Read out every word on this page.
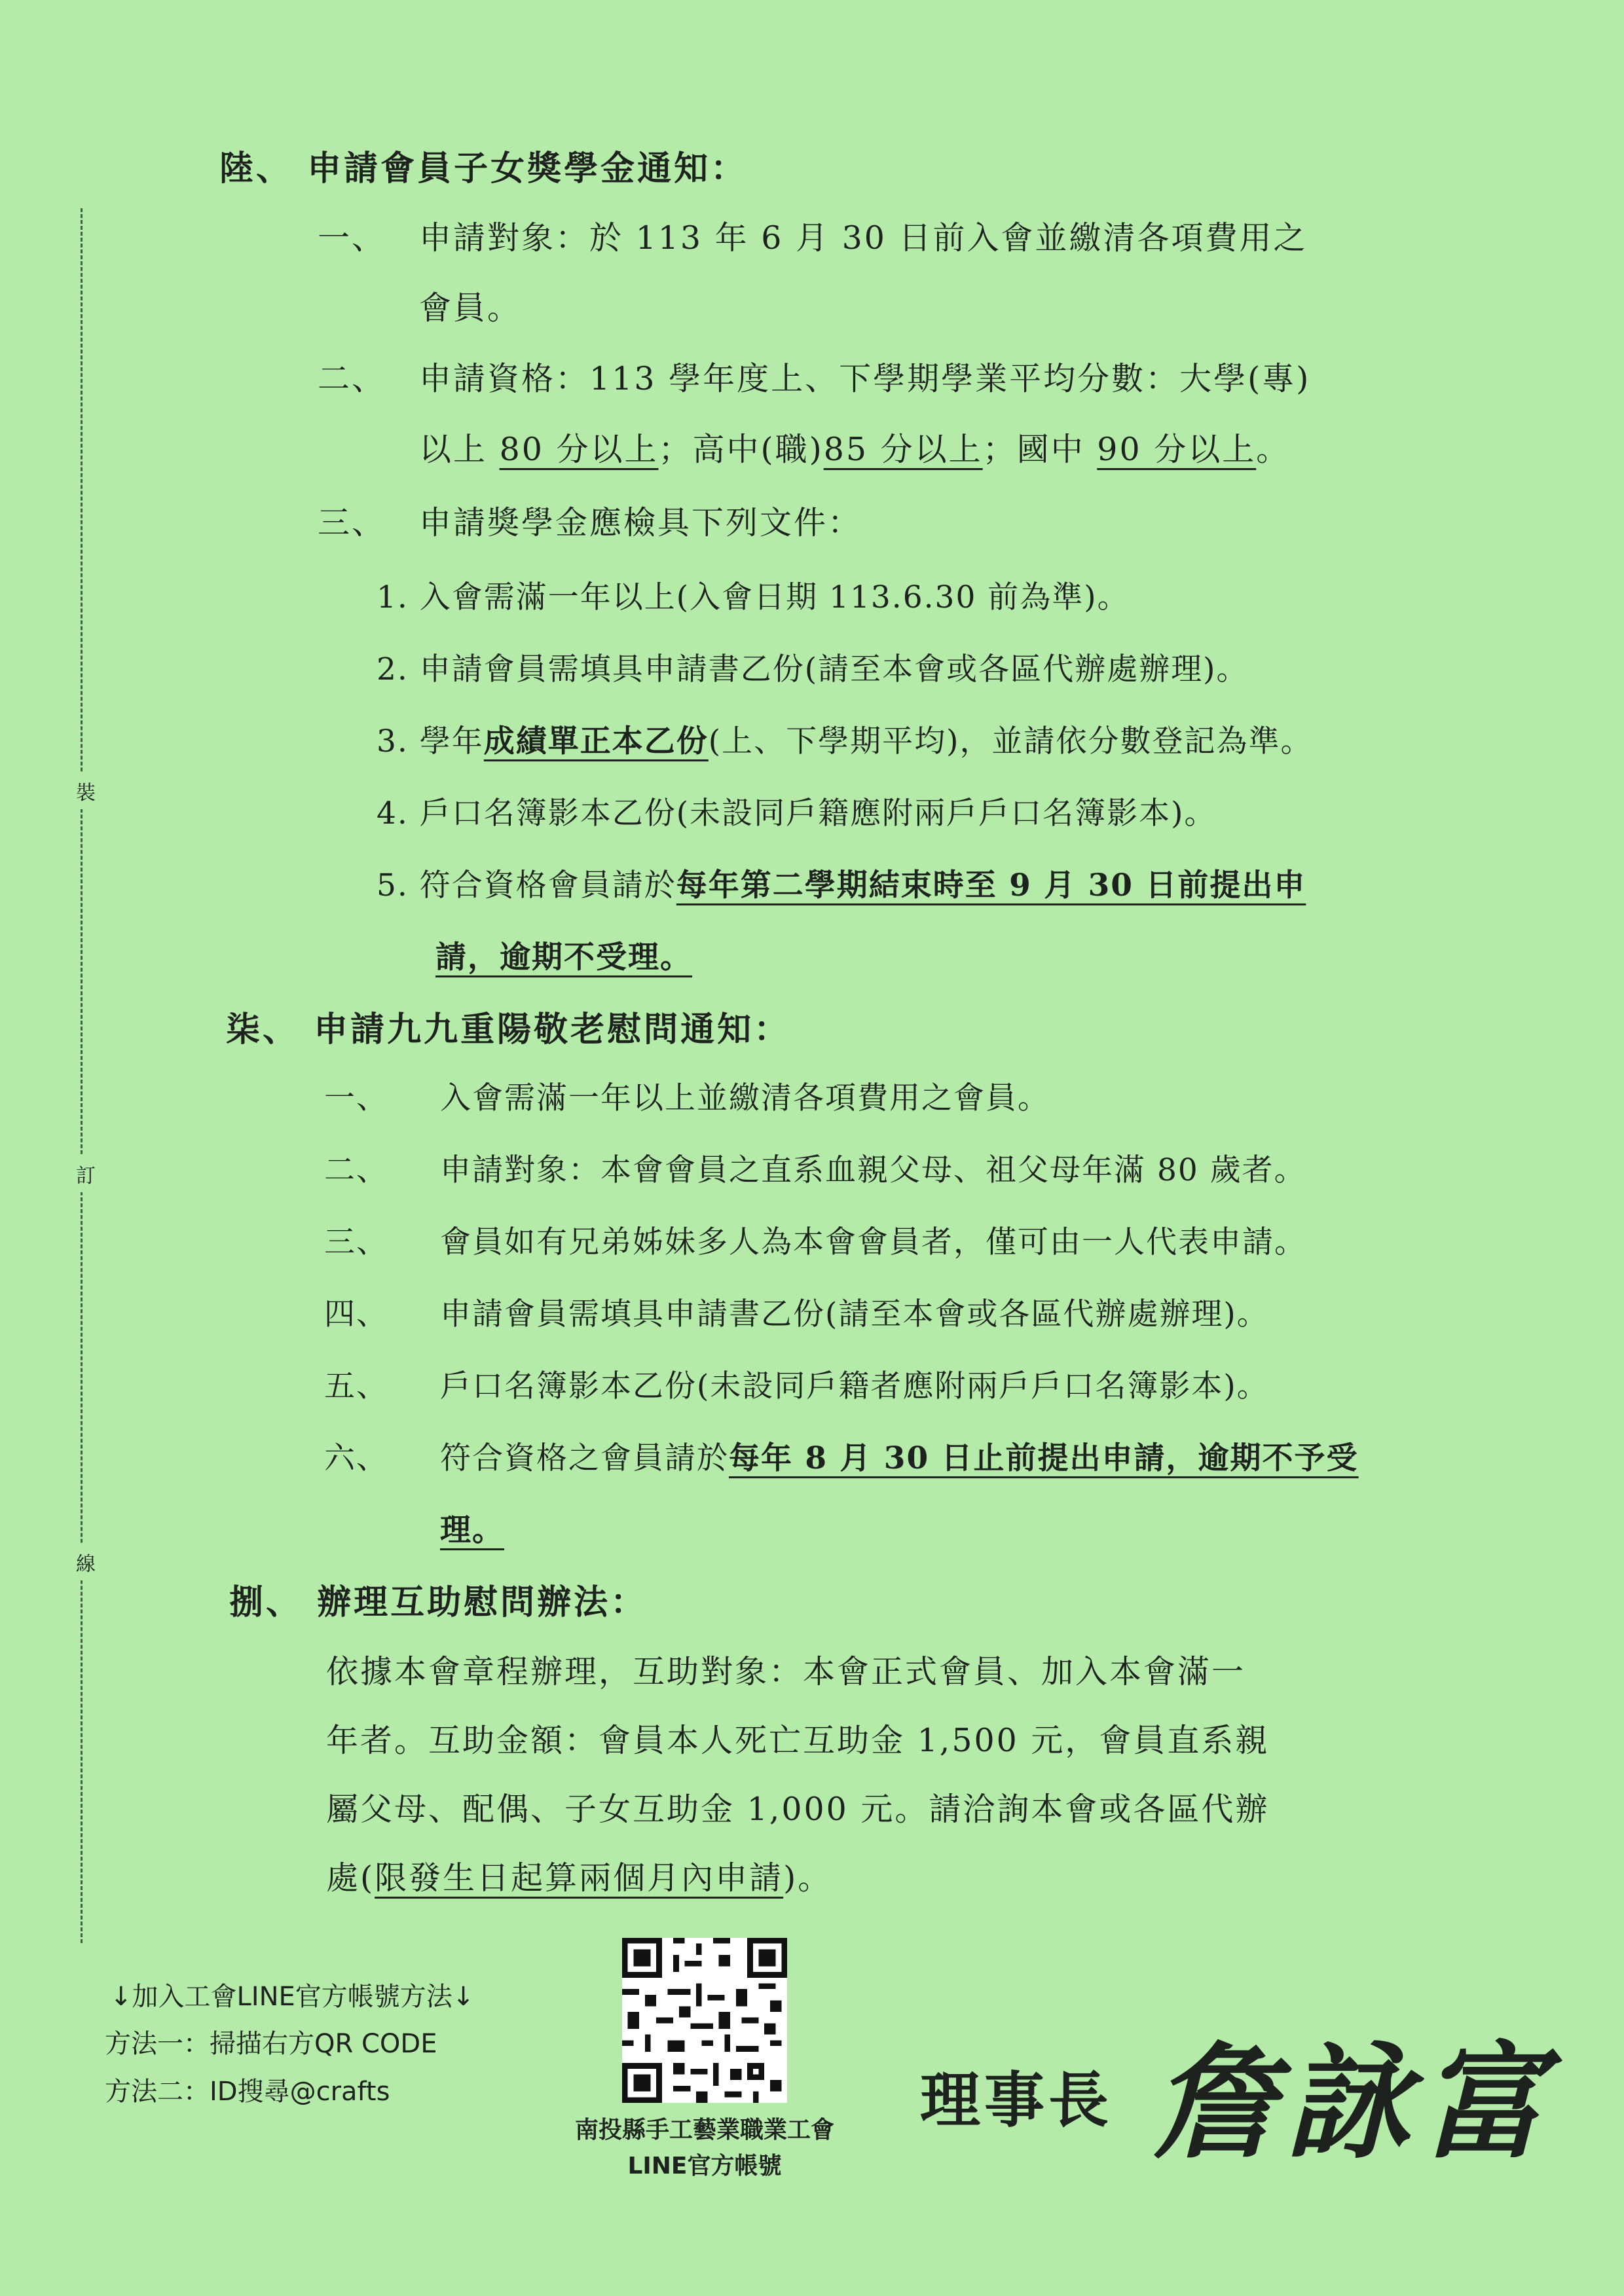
裝
訂
線
陸、 申請會員子女獎學金通知：
一、 申請對象：於 113 年 6 月 30 日前入會並繳清各項費用之
會員。
二、 申請資格：113 學年度上、下學期學業平均分數：大學(專)
以上 80 分以上；高中(職)85 分以上；國中 90 分以上。
三、 申請獎學金應檢具下列文件：
1. 入會需滿一年以上(入會日期 113.6.30 前為準)。
2. 申請會員需填具申請書乙份(請至本會或各區代辦處辦理)。
3. 學年成績單正本乙份(上、下學期平均)，並請依分數登記為準。
4. 戶口名簿影本乙份(未設同戶籍應附兩戶戶口名簿影本)。
5. 符合資格會員請於每年第二學期結束時至 9 月 30 日前提出申
請，逾期不受理。
柒、 申請九九重陽敬老慰問通知：
一、 入會需滿一年以上並繳清各項費用之會員。
二、 申請對象：本會會員之直系血親父母、祖父母年滿 80 歲者。
三、 會員如有兄弟姊妹多人為本會會員者，僅可由一人代表申請。
四、 申請會員需填具申請書乙份(請至本會或各區代辦處辦理)。
五、 戶口名簿影本乙份(未設同戶籍者應附兩戶戶口名簿影本)。
六、 符合資格之會員請於每年 8 月 30 日止前提出申請，逾期不予受
理。
捌、 辦理互助慰問辦法：
依據本會章程辦理，互助對象：本會正式會員、加入本會滿一
年者。互助金額：會員本人死亡互助金 1,500 元，會員直系親
屬父母、配偶、子女互助金 1,000 元。請洽詢本會或各區代辦
處(限發生日起算兩個月內申請)。
↓加入工會LINE官方帳號方法↓
方法一：掃描右方QR CODE
方法二：ID搜尋@crafts
南投縣手工藝業職業工會
LINE官方帳號
理事長 詹詠富
